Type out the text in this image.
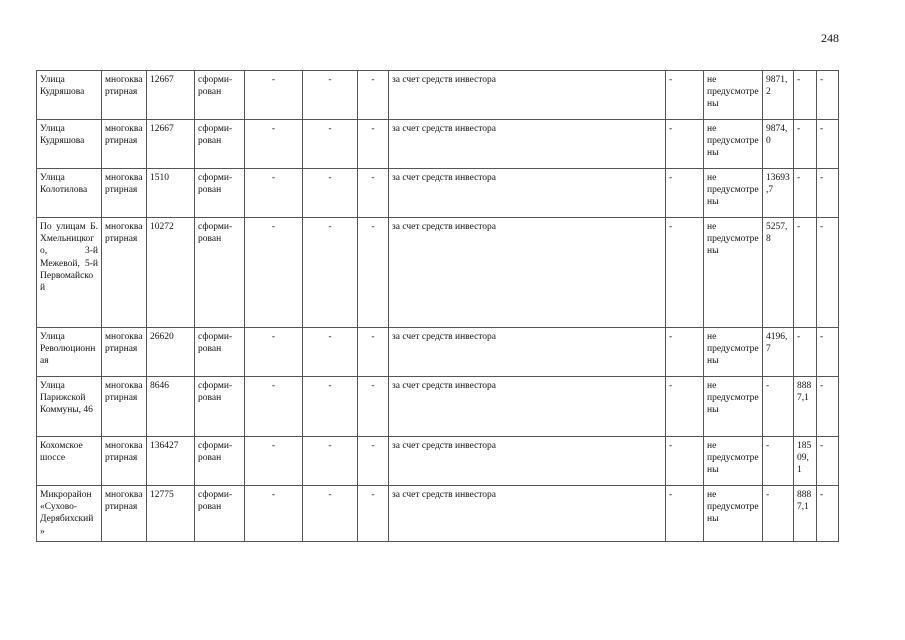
248
Улица Кудряшова	многоквартирная	12667	сформи-рован	-	-	-	за счет средств инвестора	-	не предусмотрены	9871,2	-	-
Улица Кудряшова	многоквартирная	12667	сформи-рован	-	-	-	за счет средств инвестора	-	не предусмотрены	9874,0	-	-
Улица Колотилова	многоквартирная	1510	сформи-рован	-	-	-	за счет средств инвестора	-	не предусмотрены	13693,7	-	-
По улицам Б. Хмельницкого, 3-й Межевой, 5-й Первомайской	многоквартирная	10272	сформи-рован	-	-	-	за счет средств инвестора	-	не предусмотрены	5257,8	-	-
Улица Революционная	многоквартирная	26620	сформи-рован	-	-	-	за счет средств инвестора	-	не предусмотрены	4196,7	-	-
Улица Парижской Коммуны, 46	многоквартирная	8646	сформи-рован	-	-	-	за счет средств инвестора	-	не предусмотрены	-	8887,1	-
Кохомское шоссе	многоквартирная	136427	сформи-рован	-	-	-	за счет средств инвестора	-	не предусмотрены	-	18509,1	-
Микрорайон «Сухово-Дерябихский»	многоквартирная	12775	сформи-рован	-	-	-	за счет средств инвестора	-	не предусмотрены	-	8887,1	-
